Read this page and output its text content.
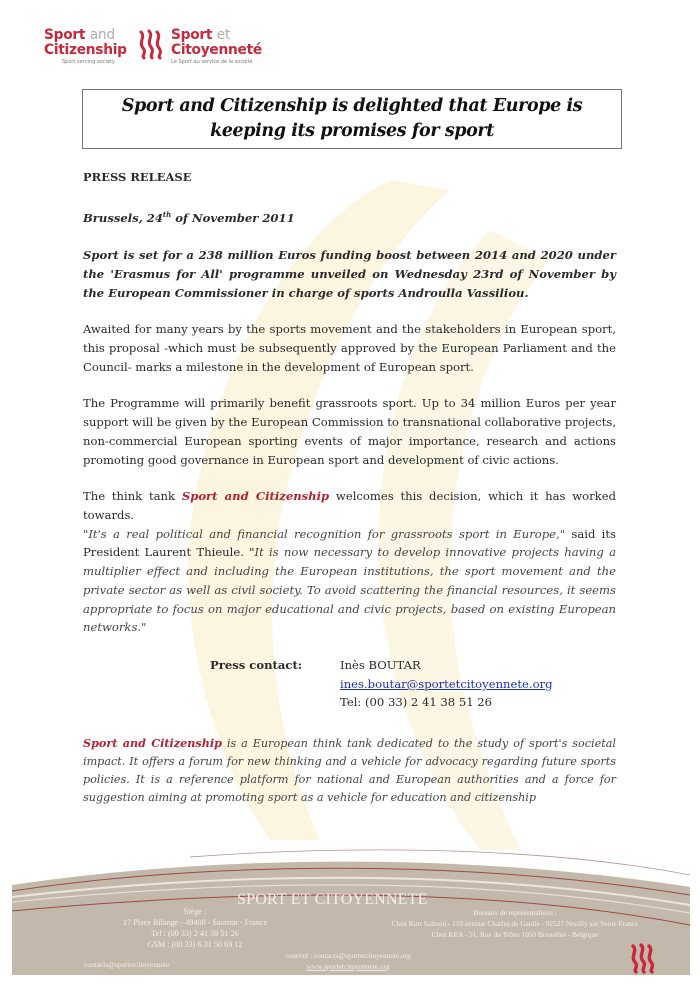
Sport and
Citizenship
Sport serving society
Sport et
Citoyenneté
Le Sport au service de la société
Sport and Citizenship is delighted that Europe is keeping its promises for sport

PRESS RELEASE

Brussels, 24th of November 2011

Sport is set for a 238 million Euros funding boost between 2014 and 2020 under the 'Erasmus for All' programme unveiled on Wednesday 23rd of November by the European Commissioner in charge of sports Androulla Vassiliou.

Awaited for many years by the sports movement and the stakeholders in European sport, this proposal -which must be subsequently approved by the European Parliament and the Council- marks a milestone in the development of European sport.

The Programme will primarily benefit grassroots sport. Up to 34 million Euros per year support will be given by the European Commission to transnational collaborative projects, non-commercial European sporting events of major importance, research and actions promoting good governance in European sport and development of civic actions.

The think tank Sport and Citizenship welcomes this decision, which it has worked towards.

"It's a real political and financial recognition for grassroots sport in Europe," said its President Laurent Thieule. "It is now necessary to develop innovative projects having a multiplier effect and including the European institutions, the sport movement and the private sector as well as civil society. To avoid scattering the financial resources, it seems appropriate to focus on major educational and civic projects, based on existing European networks."

Press contact:	Inès BOUTAR
ines.boutar@sportetcitoyennete.org
Tel: (00 33) 2 41 38 51 26

Sport and Citizenship is a European think tank dedicated to the study of sport's societal impact. It offers a forum for new thinking and a vehicle for advocacy regarding future sports policies. It is a reference platform for national and European authorities and a force for suggestion aiming at promoting sport as a vehicle for education and citizenship

SPORT ET CITOYENNETE
Siège :
17 Place Bilange - 49400 - Saumur - France
Tel : (00 33) 2 41 38 51 26
GSM : (00 33) 6 31 50 69 12
Bureaux de représentations :
Chez Kurt Salmon - 159 avenue Charles de Gaulle - 92527 Neuilly sur Seine France
Chez KEA - 51, Rue du Trône 1050 Bruxelles - Belgique
contacts@sportetcitoyennete
courriel : contacts@sportetcitoyennete.org
www.sportetcitoyennete.org
